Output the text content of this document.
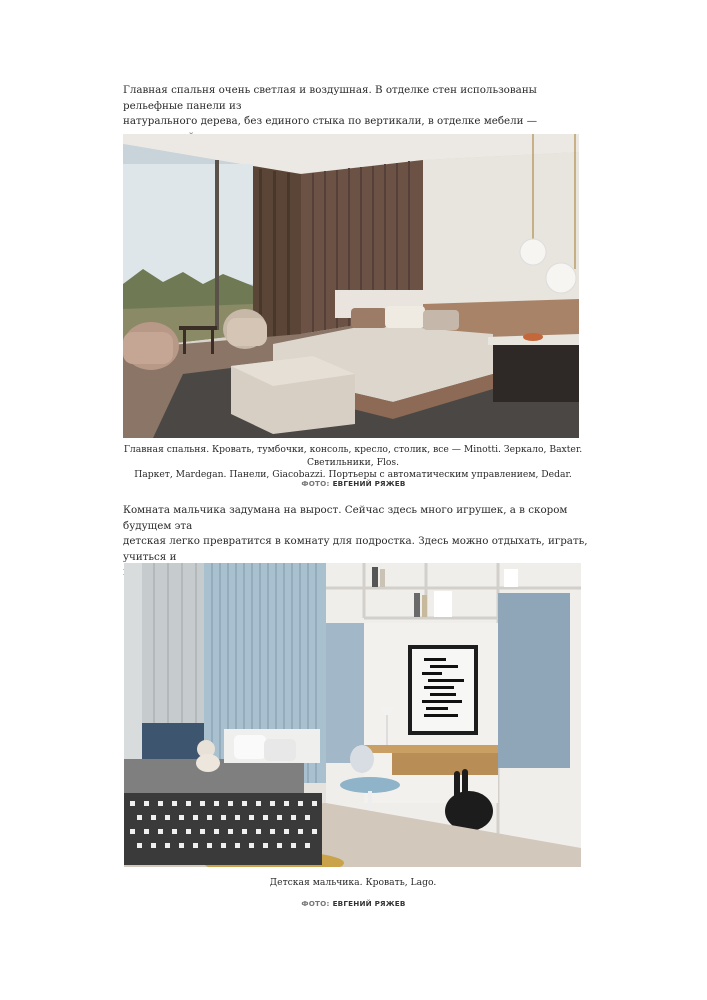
Главная спальня очень светлая и воздушная. В отделке стен использованы рельефные панели из

натурального дерева, без единого стыка по вертикали, в отделке мебели —

Главная спальня. Кровать, тумбочки, консоль, кресло, столик, все — Minotti. Зеркало, Baxter. Светильники, Flos.
Паркет, Mardegan. Панели, Giacobazzi. Портьеры с автоматическим управлением, Dedar.
ФОТО: ЕВГЕНИЙ РЯЖЕВ

Комната мальчика задумана на вырост. Сейчас здесь много игрушек, а в скором будущем эта

детская легко превратится в комнату для подростка. Здесь можно отдыхать, играть, учиться и

Детская мальчика. Кровать, Lago.
ФОТО: ЕВГЕНИЙ РЯЖЕВ
